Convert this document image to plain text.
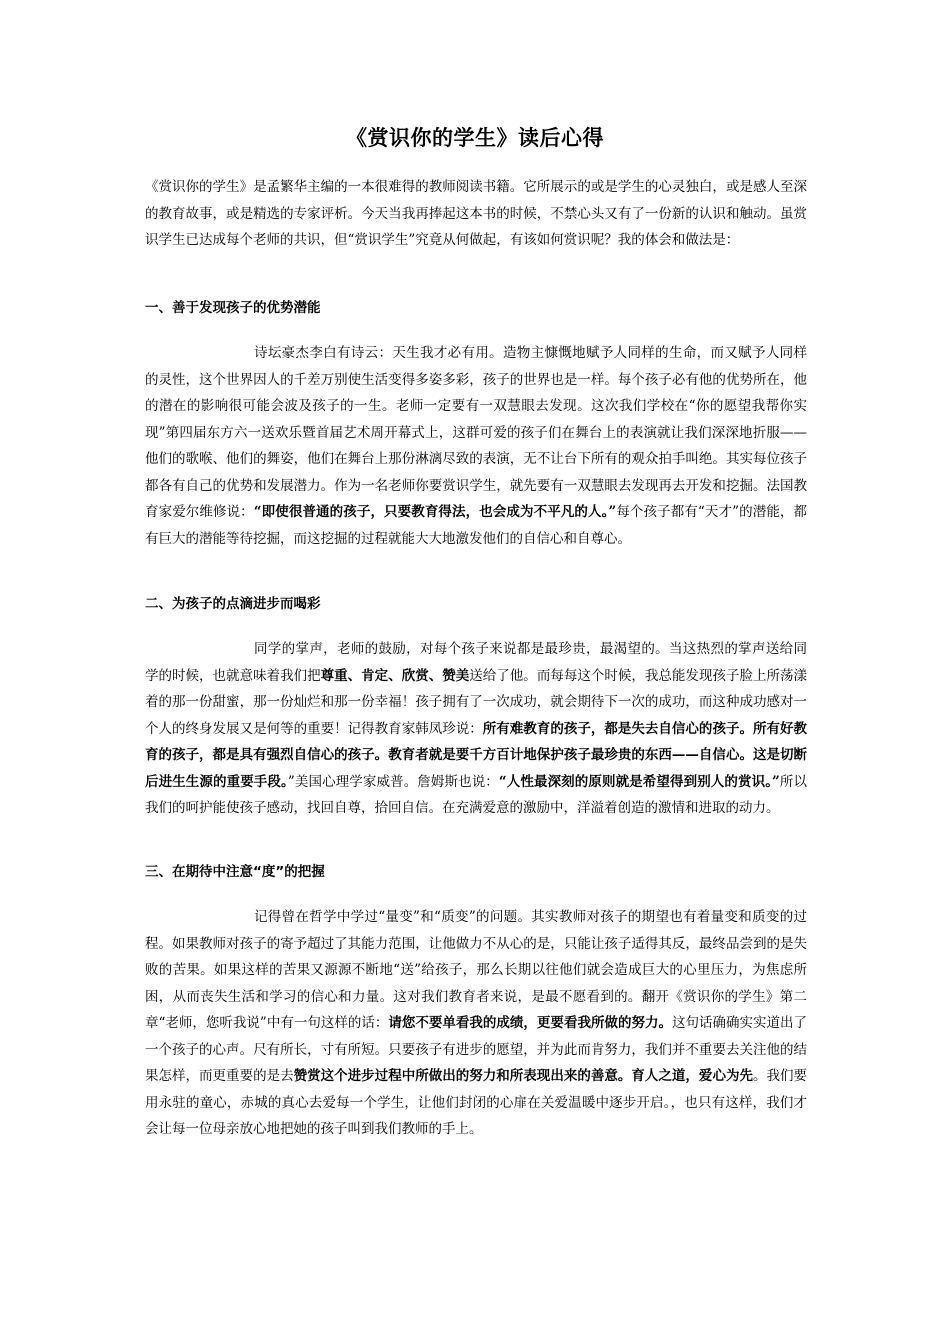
《赏识你的学生》读后心得

《赏识你的学生》是孟繁华主编的一本很难得的教师阅读书籍。它所展示的或是学生的心灵独白，或是感人至深的教育故事，或是精选的专家评析。今天当我再捧起这本书的时候，不禁心头又有了一份新的认识和触动。虽赏识学生已达成每个老师的共识，但“赏识学生”究竟从何做起，有该如何赏识呢？我的体会和做法是：

一、善于发现孩子的优势潜能

诗坛豪杰李白有诗云：天生我才必有用。造物主慷慨地赋予人同样的生命，而又赋予人同样的灵性，这个世界因人的千差万别使生活变得多姿多彩，孩子的世界也是一样。每个孩子必有他的优势所在，他的潜在的影响很可能会波及孩子的一生。老师一定要有一双慧眼去发现。这次我们学校在“你的愿望我帮你实现”第四届东方六一送欢乐暨首届艺术周开幕式上，这群可爱的孩子们在舞台上的表演就让我们深深地折服——他们的歌喉、他们的舞姿，他们在舞台上那份淋漓尽致的表演，无不让台下所有的观众拍手叫绝。其实每位孩子都各有自己的优势和发展潜力。作为一名老师你要赏识学生，就先要有一双慧眼去发现再去开发和挖掘。法国教育家爱尔维修说：“即使很普通的孩子，只要教育得法，也会成为不平凡的人。”每个孩子都有“天才”的潜能，都有巨大的潜能等待挖掘，而这挖掘的过程就能大大地激发他们的自信心和自尊心。

二、为孩子的点滴进步而喝彩

同学的掌声，老师的鼓励，对每个孩子来说都是最珍贵，最渴望的。当这热烈的掌声送给同学的时候，也就意味着我们把尊重、肯定、欣赏、赞美送给了他。而每每这个时候，我总能发现孩子脸上所荡漾着的那一份甜蜜，那一份灿烂和那一份幸福！孩子拥有了一次成功，就会期待下一次的成功，而这种成功感对一个人的终身发展又是何等的重要！记得教育家韩凤珍说：所有难教育的孩子，都是失去自信心的孩子。所有好教育的孩子，都是具有强烈自信心的孩子。教育者就是要千方百计地保护孩子最珍贵的东西——自信心。这是切断后进生生源的重要手段。”美国心理学家威普。詹姆斯也说：“人性最深刻的原则就是希望得到别人的赏识。”所以我们的呵护能使孩子感动，找回自尊，拾回自信。在充满爱意的激励中，洋溢着创造的激情和进取的动力。

三、在期待中注意“度”的把握

记得曾在哲学中学过“量变”和“质变”的问题。其实教师对孩子的期望也有着量变和质变的过程。如果教师对孩子的寄予超过了其能力范围，让他做力不从心的是，只能让孩子适得其反，最终品尝到的是失败的苦果。如果这样的苦果又源源不断地“送”给孩子，那么长期以往他们就会造成巨大的心里压力，为焦虑所困，从而丧失生活和学习的信心和力量。这对我们教育者来说，是最不愿看到的。翻开《赏识你的学生》第二章“老师，您听我说”中有一句这样的话：请您不要单看我的成绩，更要看我所做的努力。这句话确确实实道出了一个孩子的心声。尺有所长，寸有所短。只要孩子有进步的愿望，并为此而肯努力，我们并不重要去关注他的结果怎样，而更重要的是去赞赏这个进步过程中所做出的努力和所表现出来的善意。育人之道，爱心为先。我们要用永驻的童心，赤城的真心去爱每一个学生，让他们封闭的心扉在关爱温暖中逐步开启。，也只有这样，我们才会让每一位母亲放心地把她的孩子叫到我们教师的手上。
